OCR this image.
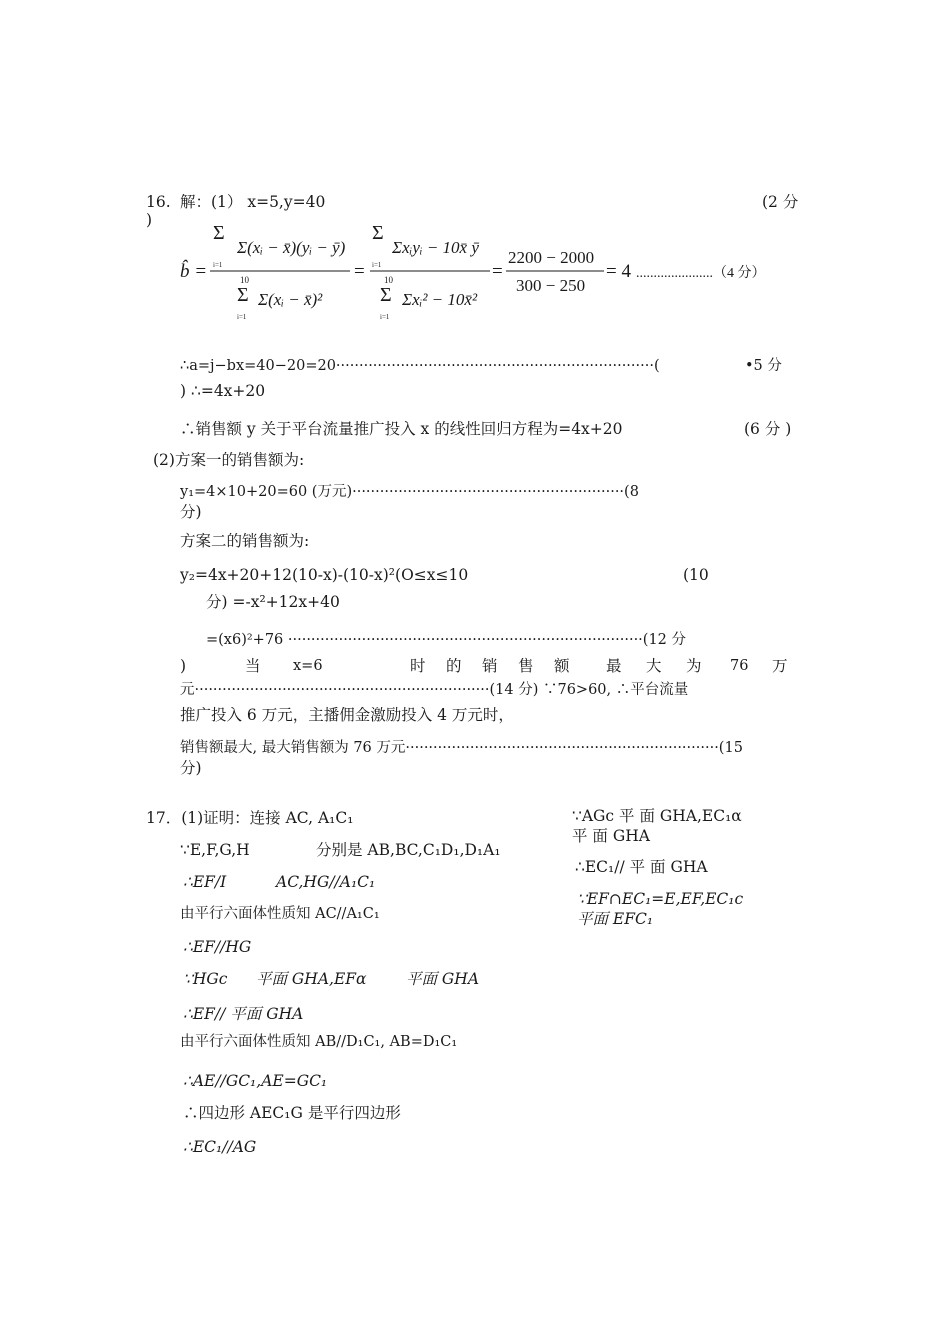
16. 解：(1） x=5,y=40	(2 分
)
b̂ =
Σ
i=1
Σ(xᵢ − x̄)(yᵢ − ȳ)
10
Σ
i=1
Σ(xᵢ − x̄)²
=
Σ
i=1
Σxᵢyᵢ − 10x̄ ȳ
10
Σ
i=1
Σxᵢ² − 10x̄²
=
2200 − 2000
300 − 250
= 4 ......................（4 分）
∴a=j−bx=40−20=20·····································································(	•5 分
) ∴=4x+20
∴销售额 y 关于平台流量推广投入 x 的线性回归方程为=4x+20	(6 分 )
(2)方案一的销售额为:
y₁=4×10+20=60 (万元)···························································(8
分)
方案二的销售额为:
y₂=4x+20+12(10-x)-(10-x)²(O≤x≤10	(10
分) =-x²+12x+40
=(x6)²+76 ·············································································(12 分
)	当 x=6	时 的 销 售 额 最 大 为 76 万
元································································(14 分) ∵76>60, ∴平台流量
推广投入 6 万元，主播佣金激励投入 4 万元时，
销售额最大, 最大销售额为 76 万元····································································(15
分)
17．(1)证明：连接 AC, A₁C₁
∵E,F,G,H	分别是 AB,BC,C₁D₁,D₁A₁
∴EF/I	AC,HG//A₁C₁
由平行六面体性质知 AC//A₁C₁
∴EF//HG
∵HGc 平面 GHA,EFα	平面 GHA
∴EF// 平面 GHA
由平行六面体性质知 AB//D₁C₁, AB=D₁C₁
∴AE//GC₁,AE=GC₁
∴四边形 AEC₁G 是平行四边形
∴EC₁//AG
∵AGc 平 面 GHA,EC₁α
平 面 GHA
∴EC₁// 平 面 GHA
∵EF∩EC₁=E,EF,EC₁c
平面 EFC₁
